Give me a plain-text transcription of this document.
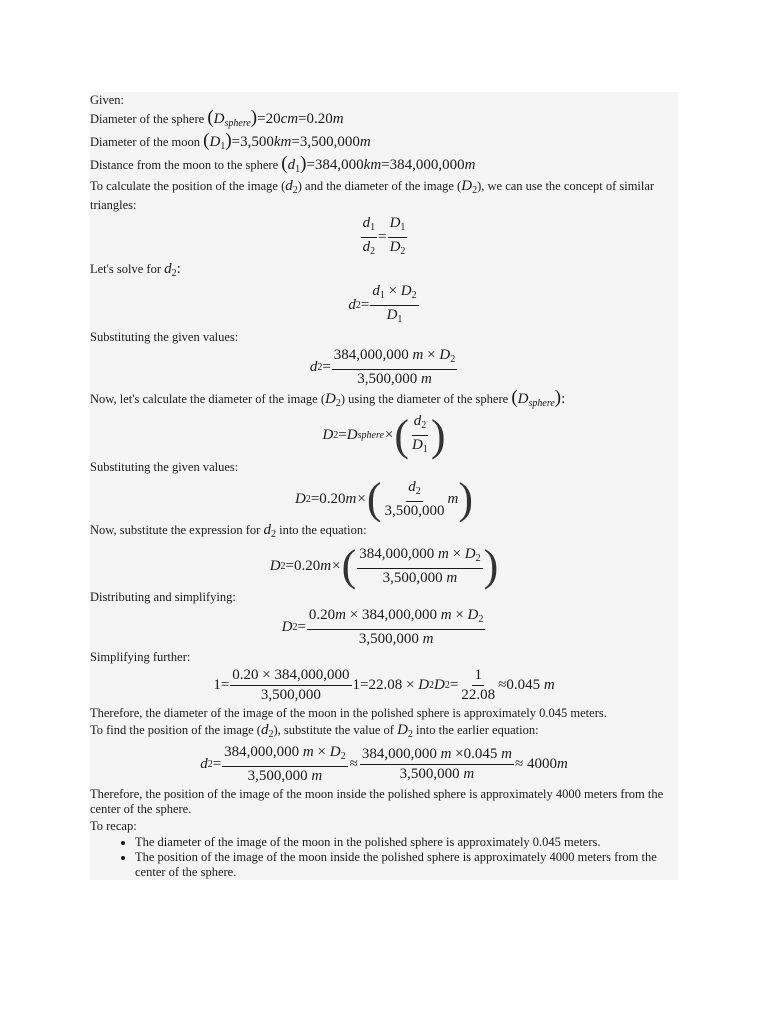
Given:
Diameter of the sphere $(D_{sphere})=20cm=0.20m$
Diameter of the moon $(D_1)=3,500km=3,500,000m$
Distance from the moon to the sphere $(d_1)=384,000km=384,000,000m$
To calculate the position of the image $(d_2)$ and the diameter of the image $(D_2)$, we can use the concept of similar triangles:
$\frac{d_1}{d_2} = \frac{D_1}{D_2}$
Let's solve for $d_2$:
d $2 = \frac{d_1 \times D_2}{D_1}$
Substituting the given values:
d $2 = \frac{384,000,000 m \times D_2}{3,500,000 m}$
Now, let's calculate the diameter of the image $(D_2)$ using the diameter of the sphere $(D_{sphere})$:
D 2 = D sphere × ( $\frac{d_2}{D_1}$ )
Substituting the given values:
D 2 = 0.20 m × ( $\frac{d_2}{3,500,000}$ m )
Now, substitute the expression for $d_2$ into the equation:
D 2 = 0.20 m × ( $\frac{384,000,000 m \times D_2}{3,500,000 m}$ )
Distributing and simplifying:
D $2 = \frac{0.20m \times 384,000,000 m \times D_2}{3,500,000 m}$
Simplifying further:
$1 = \frac{0.20 \times 384,000,000}{3,500,000} 1 =22.08$
×
D 2 D $2 = \frac{1}{22.08} \approx 0.045$
m
Therefore, the diameter of the image of the moon in the polished sphere is approximately 0.045 meters.
To find the position of the image $(d_2)$, substitute the value of $D_2$ into the earlier equation:
d $2 = \frac{384,000,000 m \times D_2}{3,500,000 m} \approx \frac{384,000,000 m \times 0.045 m}{3,500,000 m} \approx 4000$ m
Therefore, the position of the image of the moon inside the polished sphere is approximately 4000 meters from the center of the sphere.
To recap:
• The diameter of the image of the moon in the polished sphere is approximately 0.045 meters.
• The position of the image of the moon inside the polished sphere is approximately 4000 meters from the center of the sphere.
